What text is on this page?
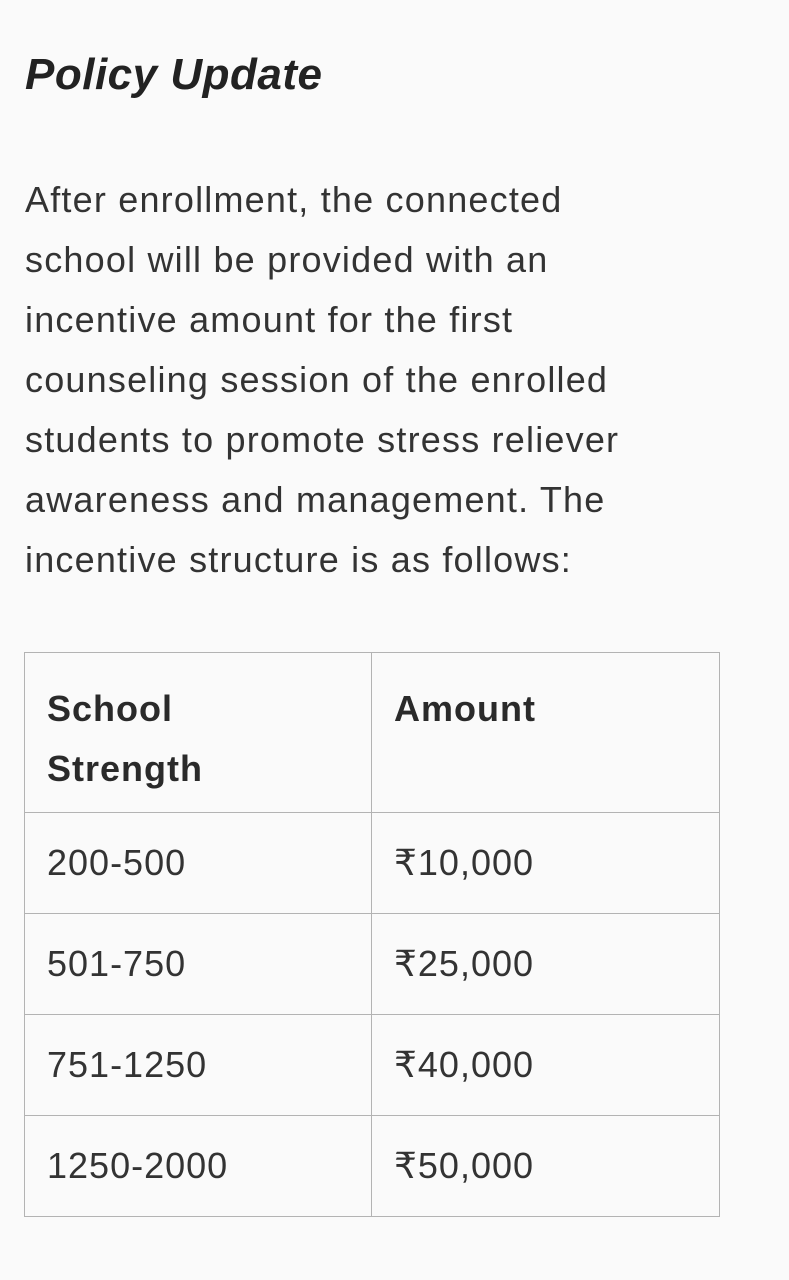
Policy Update

After enrollment, the connected
school will be provided with an
incentive amount for the first
counseling session of the enrolled
students to promote stress reliever
awareness and management. The
incentive structure is as follows:

School
Strength	Amount
200-500	₹10,000
501-750	₹25,000
751-1250	₹40,000
1250-2000	₹50,000
